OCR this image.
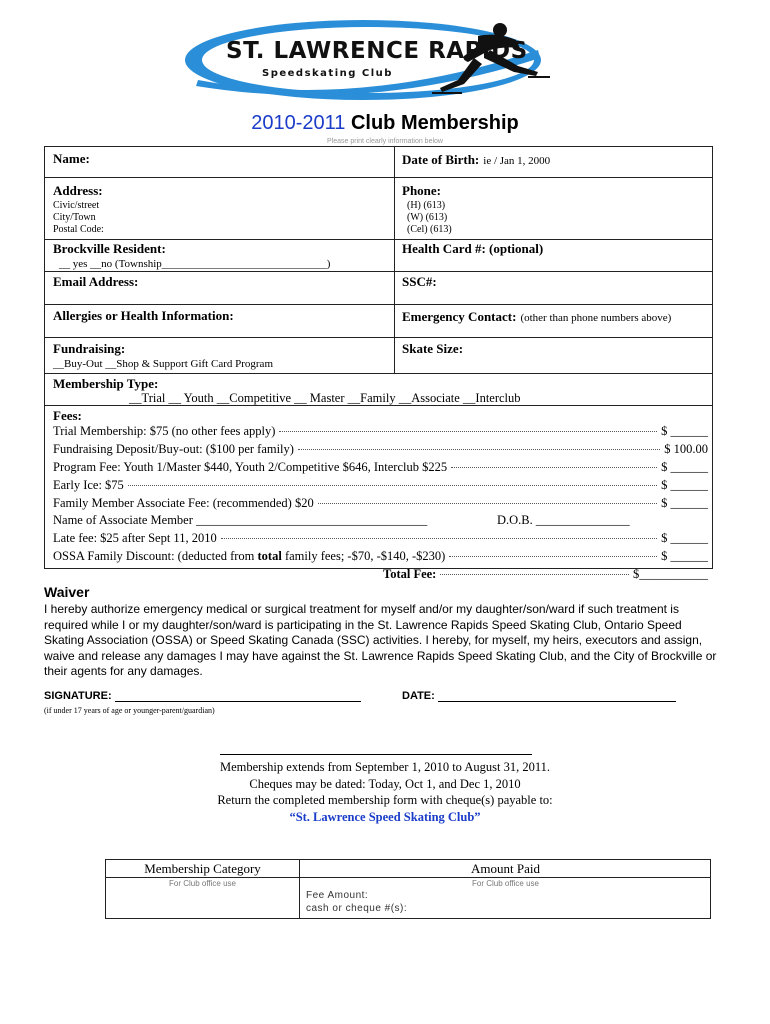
ST. LAWRENCE RAPIDS
Speedskating Club
2010-2011 Club Membership
Please print clearly information below
Name:	Date of Birth: ie / Jan 1, 2000
Address:
Civic/street
City/Town
Postal Code:
Phone:
(H) (613)
(W) (613)
(Cel) (613)
Brockville Resident:
__ yes __no (Township______________________________)
Health Card #: (optional)
Email Address:	SSC#:
Allergies or Health Information:	Emergency Contact: (other than phone numbers above)
Fundraising:
__Buy-Out __Shop & Support Gift Card Program
Skate Size:
Membership Type:
__Trial __ Youth __Competitive __ Master __Family __Associate __Interclub
Fees:
Trial Membership: $75 (no other fees apply)	$ ______
Fundraising Deposit/Buy-out: ($100 per family)	$ 100.00
Program Fee: Youth 1/Master $440, Youth 2/Competitive $646, Interclub $225	$ ______
Early Ice: $75	$ ______
Family Member Associate Fee: (recommended) $20	$ ______
Name of Associate Member _____________________________________	D.O.B. _______________
Late fee: $25 after Sept 11, 2010	$ ______
OSSA Family Discount: (deducted from total family fees; -$70, -$140, -$230)	$ ______
Total Fee:	$___________
Waiver
I hereby authorize emergency medical or surgical treatment for myself and/or my daughter/son/ward if such treatment is required while I or my daughter/son/ward is participating in the St. Lawrence Rapids Speed Skating Club, Ontario Speed Skating Association (OSSA) or Speed Skating Canada (SSC) activities. I hereby, for myself, my heirs, executors and assign, waive and release any damages I may have against the St. Lawrence Rapids Speed Skating Club, and the City of Brockville or their agents for any damages.
SIGNATURE:	DATE:
(if under 17 years of age or younger-parent/guardian)
Membership extends from September 1, 2010 to August 31, 2011.
Cheques may be dated: Today, Oct 1, and Dec 1, 2010
Return the completed membership form with cheque(s) payable to:
“St. Lawrence Speed Skating Club”
Membership Category	Amount Paid
For Club office use	For Club office use
Fee Amount:
cash or cheque #(s):
